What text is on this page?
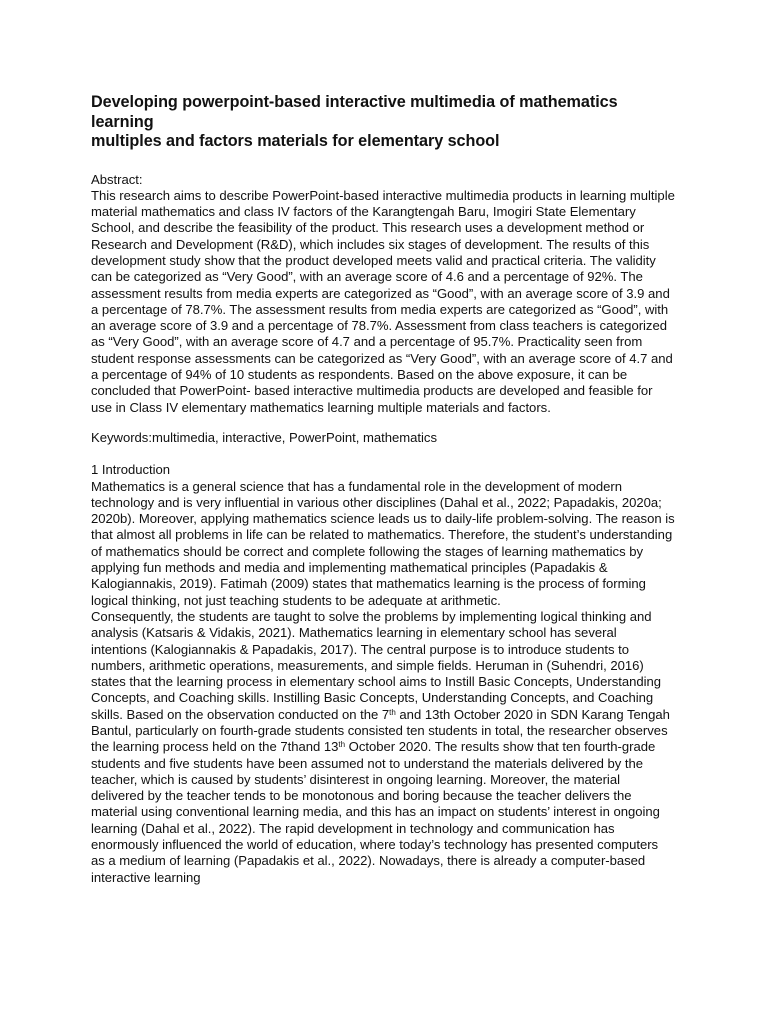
Developing powerpoint-based interactive multimedia of mathematics
learning
multiples and factors materials for elementary school
Abstract:

This research aims to describe PowerPoint-based interactive multimedia products in learning multiple material mathematics and class IV factors of the Karangtengah Baru, Imogiri State Elementary School, and describe the feasibility of the product. This research uses a development method or Research and Development (R&D), which includes six stages of development. The results of this development study show that the product developed meets valid and practical criteria. The validity can be categorized as “Very Good”, with an average score of 4.6 and a percentage of 92%. The assessment results from media experts are categorized as “Good”, with an average score of 3.9 and a percentage of 78.7%. The assessment results from media experts are categorized as “Good”, with an average score of 3.9 and a percentage of 78.7%. Assessment from class teachers is categorized as “Very Good”, with an average score of 4.7 and a percentage of 95.7%. Practicality seen from student response assessments can be categorized as “Very Good”, with an average score of 4.7 and a percentage of 94% of 10 students as respondents. Based on the above exposure, it can be concluded that PowerPoint- based interactive multimedia products are developed and feasible for use in Class IV elementary mathematics learning multiple materials and factors.

Keywords:multimedia, interactive, PowerPoint, mathematics
1 Introduction

Mathematics is a general science that has a fundamental role in the development of modern technology and is very influential in various other disciplines (Dahal et al., 2022; Papadakis, 2020a; 2020b). Moreover, applying mathematics science leads us to daily-life problem-solving. The reason is that almost all problems in life can be related to mathematics. Therefore, the student’s understanding of mathematics should be correct and complete following the stages of learning mathematics by applying fun methods and media and implementing mathematical principles (Papadakis & Kalogiannakis, 2019). Fatimah (2009) states that mathematics learning is the process of forming logical thinking, not just teaching students to be adequate at arithmetic.

Consequently, the students are taught to solve the problems by implementing logical thinking and analysis (Katsaris & Vidakis, 2021). Mathematics learning in elementary school has several intentions (Kalogiannakis & Papadakis, 2017). The central purpose is to introduce students to numbers, arithmetic operations, measurements, and simple fields. Heruman in (Suhendri, 2016) states that the learning process in elementary school aims to Instill Basic Concepts, Understanding Concepts, and Coaching skills. Instilling Basic Concepts, Understanding Concepts, and Coaching skills. Based on the observation conducted on the 7th and 13th October 2020 in SDN Karang Tengah Bantul, particularly on fourth-grade students consisted ten students in total, the researcher observes the learning process held on the 7thand 13th October 2020. The results show that ten fourth-grade students and five students have been assumed not to understand the materials delivered by the teacher, which is caused by students’ disinterest in ongoing learning. Moreover, the material delivered by the teacher tends to be monotonous and boring because the teacher delivers the material using conventional learning media, and this has an impact on students’ interest in ongoing learning (Dahal et al., 2022). The rapid development in technology and communication has enormously influenced the world of education, where today’s technology has presented computers as a medium of learning (Papadakis et al., 2022). Nowadays, there is already a computer-based interactive learning
